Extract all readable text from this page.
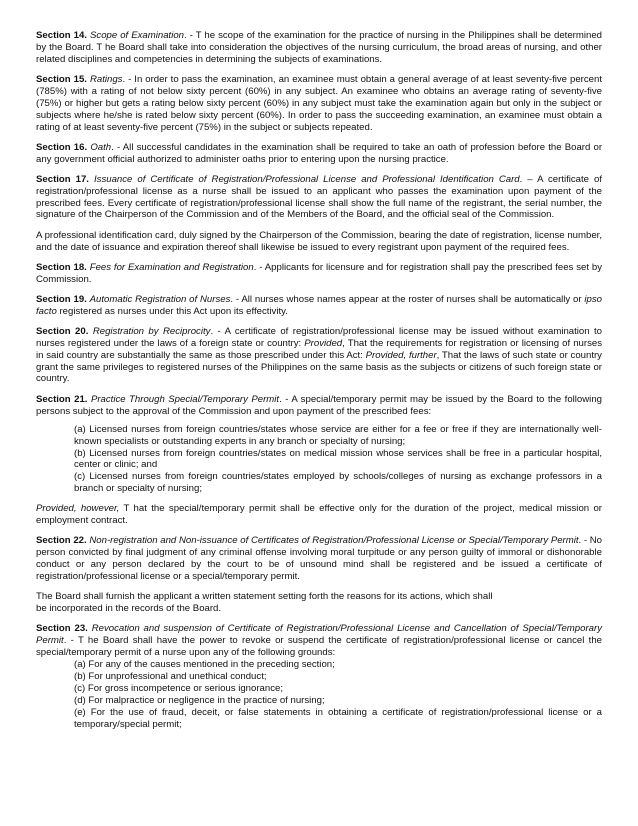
Section 14. Scope of Examination. - T he scope of the examination for the practice of nursing in the Philippines shall be determined by the Board. T he Board shall take into consideration the objectives of the nursing curriculum, the broad areas of nursing, and other related disciplines and competencies in determining the subjects of examinations.

Section 15. Ratings. - In order to pass the examination, an examinee must obtain a general average of at least seventy-five percent (785%) with a rating of not below sixty percent (60%) in any subject. An examinee who obtains an average rating of seventy-five (75%) or higher but gets a rating below sixty percent (60%) in any subject must take the examination again but only in the subject or subjects where he/she is rated below sixty percent (60%). In order to pass the succeeding examination, an examinee must obtain a rating of at least seventy-five percent (75%) in the subject or subjects repeated.

Section 16. Oath. - All successful candidates in the examination shall be required to take an oath of profession before the Board or any government official authorized to administer oaths prior to entering upon the nursing practice.

Section 17. Issuance of Certificate of Registration/Professional License and Professional Identification Card. – A certificate of registration/professional license as a nurse shall be issued to an applicant who passes the examination upon payment of the prescribed fees. Every certificate of registration/professional license shall show the full name of the registrant, the serial number, the signature of the Chairperson of the Commission and of the Members of the Board, and the official seal of the Commission.

A professional identification card, duly signed by the Chairperson of the Commission, bearing the date of registration, license number, and the date of issuance and expiration thereof shall likewise be issued to every registrant upon payment of the required fees.

Section 18. Fees for Examination and Registration. - Applicants for licensure and for registration shall pay the prescribed fees set by Commission.

Section 19. Automatic Registration of Nurses. - All nurses whose names appear at the roster of nurses shall be automatically or ipso facto registered as nurses under this Act upon its effectivity.

Section 20. Registration by Reciprocity. - A certificate of registration/professional license may be issued without examination to nurses registered under the laws of a foreign state or country: Provided, That the requirements for registration or licensing of nurses in said country are substantially the same as those prescribed under this Act: Provided, further, That the laws of such state or country grant the same privileges to registered nurses of the Philippines on the same basis as the subjects or citizens of such foreign state or country.

Section 21. Practice Through Special/Temporary Permit. - A special/temporary permit may be issued by the Board to the following persons subject to the approval of the Commission and upon payment of the prescribed fees:

(a) Licensed nurses from foreign countries/states whose service are either for a fee or free if they are internationally well-known specialists or outstanding experts in any branch or specialty of nursing;
(b) Licensed nurses from foreign countries/states on medical mission whose services shall be free in a particular hospital, center or clinic; and
(c) Licensed nurses from foreign countries/states employed by schools/colleges of nursing as exchange professors in a branch or specialty of nursing;

Provided, however, T hat the special/temporary permit shall be effective only for the duration of the project, medical mission or employment contract.

Section 22. Non-registration and Non-issuance of Certificates of Registration/Professional License or Special/Temporary Permit. - No person convicted by final judgment of any criminal offense involving moral turpitude or any person guilty of immoral or dishonorable conduct or any person declared by the court to be of unsound mind shall be registered and be issued a certificate of registration/professional license or a special/temporary permit.

The Board shall furnish the applicant a written statement setting forth the reasons for its actions, which shall
be incorporated in the records of the Board.

Section 23. Revocation and suspension of Certificate of Registration/Professional License and Cancellation of Special/Temporary Permit. - T he Board shall have the power to revoke or suspend the certificate of registration/professional license or cancel the special/temporary permit of a nurse upon any of the following grounds:

(a) For any of the causes mentioned in the preceding section;
(b) For unprofessional and unethical conduct;
(c) For gross incompetence or serious ignorance;
(d) For malpractice or negligence in the practice of nursing;
(e) For the use of fraud, deceit, or false statements in obtaining a certificate of registration/professional license or a temporary/special permit;
